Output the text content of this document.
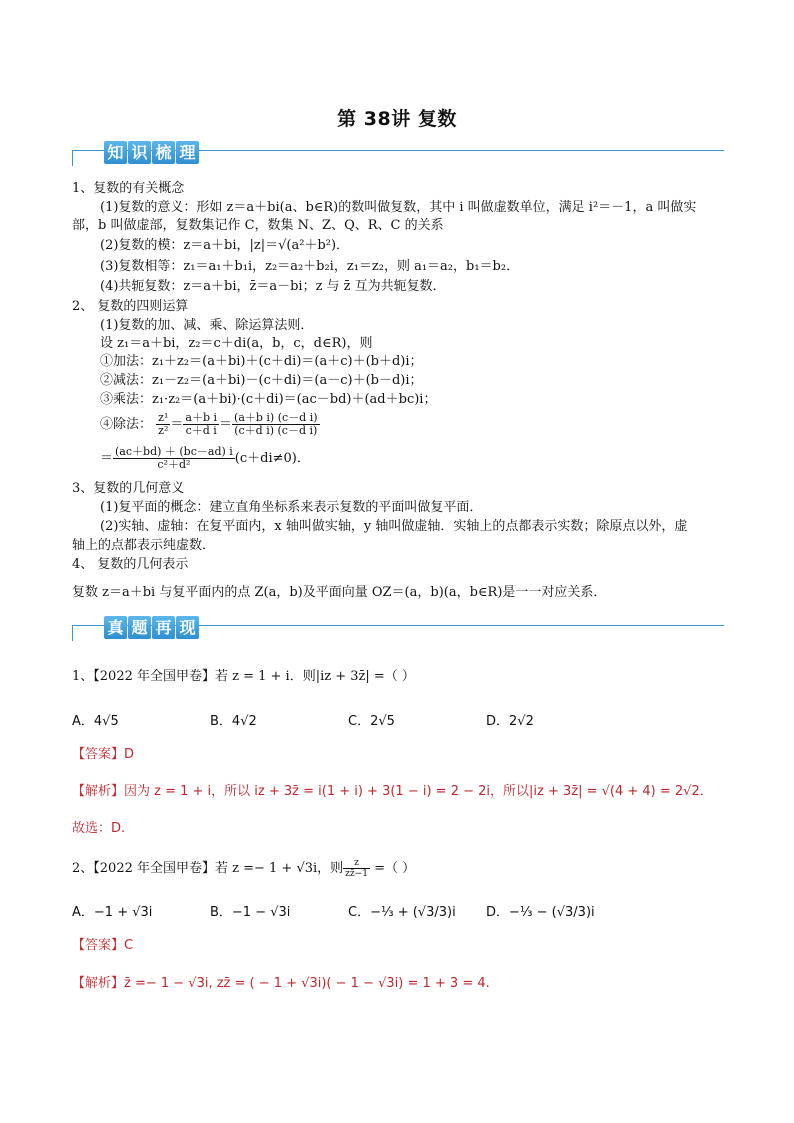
第 38讲 复数
知 识 梳 理
1、复数的有关概念
(1)复数的意义：形如 z＝a＋bi(a、b∈R)的数叫做复数，其中 i 叫做虚数单位，满足 i²＝－1，a 叫做实
部，b 叫做虚部，复数集记作 C，数集 N、Z、Q、R、C 的关系
(2)复数的模：z＝a＋bi，|z|＝√(a²＋b²)．
(3)复数相等：z₁＝a₁＋b₁i，z₂＝a₂＋b₂i，z₁＝z₂，则 a₁＝a₂，b₁＝b₂．
(4)共轭复数：z＝a＋bi，z̄＝a－bi；z 与 z̄ 互为共轭复数．
2、 复数的四则运算
(1)复数的加、减、乘、除运算法则．
设 z₁＝a＋bi，z₂＝c＋di(a，b，c，d∈R)，则
①加法：z₁＋z₂＝(a＋bi)＋(c＋di)＝(a＋c)＋(b＋d)i；
②减法：z₁－z₂＝(a＋bi)－(c＋di)＝(a－c)＋(b－d)i；
③乘法：z₁·z₂＝(a＋bi)·(c＋di)＝(ac－bd)＋(ad＋bc)i；
④除法： $\frac{\text{z¹}}{\text{z²}} = \frac{\text{a＋b i}}{\text{c＋d i}} = \frac{\text{(a＋b i) (c－d i)}}{\text{(c＋d i) (c－d i)}}$
＝ $\frac{(ac+bd) + (bc-ad) i}{\text{c²＋d²}} (c+di\ne 0)$．
3、复数的几何意义
(1)复平面的概念：建立直角坐标系来表示复数的平面叫做复平面．
(2)实轴、虚轴：在复平面内，x 轴叫做实轴，y 轴叫做虚轴．实轴上的点都表示实数；除原点以外，虚
轴上的点都表示纯虚数．
4、 复数的几何表示
复数 z＝a＋bi 与复平面内的点 Z(a，b)及平面向量 OZ＝(a，b)(a，b∈R)是一一对应关系．
真 题 再 现
1、【2022 年全国甲卷】若 z = 1 + i．则|iz + 3z̄| =（ ）
A．4√5	B．4√2	C．2√5	D．2√2
【答案】D
【解析】因为 z = 1 + i，所以 iz + 3z̄ = i(1 + i) + 3(1 − i) = 2 − 2i，所以|iz + 3z̄| = √(4 + 4) = 2√2．
故选：D.
2、【2022 年全国甲卷】若 z =− 1 + √3i，则 $\frac{z}{zz̄-1}$ =（ ）
A．−1 + √3i	B．−1 − √3i	C．−⅓ + (√3/3)i D．−⅓ − (√3/3)i
【答案】C
【解析】z̄ =− 1 − √3i, zz̄ = ( − 1 + √3i)( − 1 − √3i) = 1 + 3 = 4.
